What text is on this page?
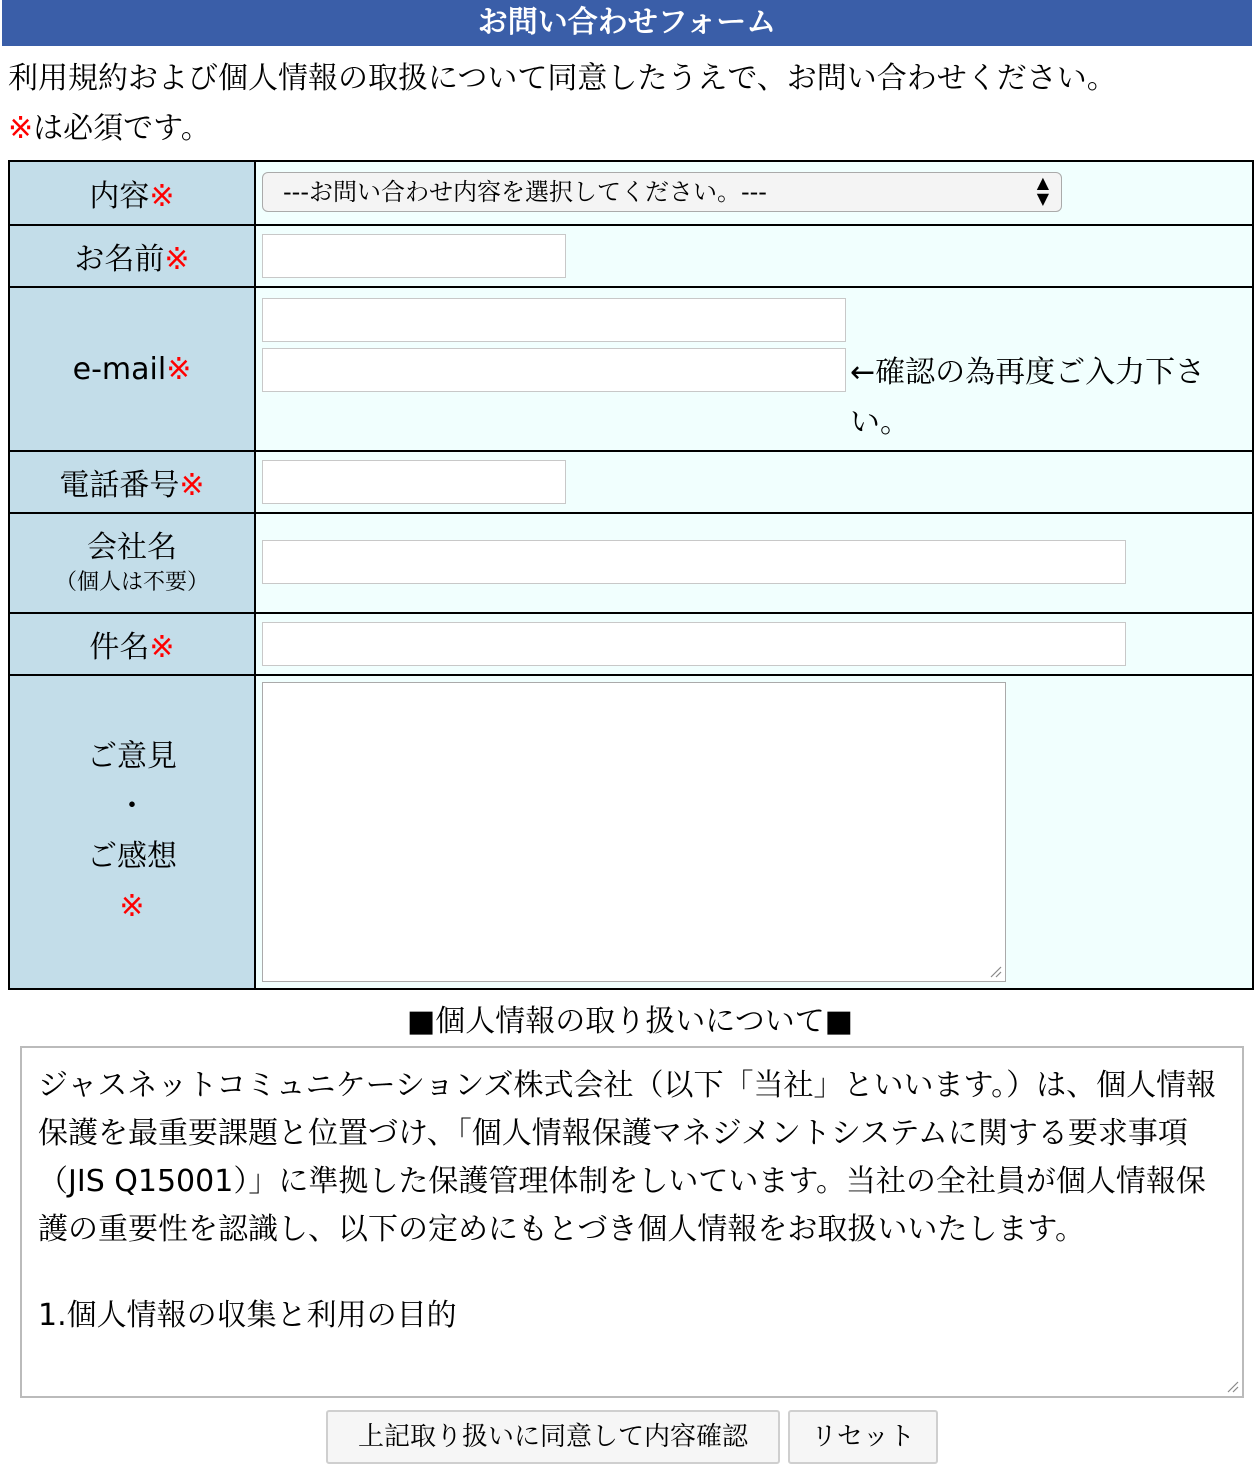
お問い合わせフォーム
利用規約および個人情報の取扱について同意したうえで、お問い合わせください。
※は必須です。
内容※	---お問い合わせ内容を選択してください。--- ▲
▼

お名前※	

e-mail※	←確認の為再度ご入力下さい。

電話番号※	

会社名
（個人は不要）	

件名※	

ご意見
・
ご感想
※

■個人情報の取り扱いについて■
ジャスネットコミュニケーションズ株式会社（以下「当社」といいます。）は、個人情報保護を最重要課題と位置づけ、「個人情報保護マネジメントシステムに関する要求事項（JIS Q15001）」に準拠した保護管理体制をしいています。当社の全社員が個人情報保護の重要性を認識し、以下の定めにもとづき個人情報をお取扱いいたします。
1.個人情報の収集と利用の目的
上記取り扱いに同意して内容確認	リセット
